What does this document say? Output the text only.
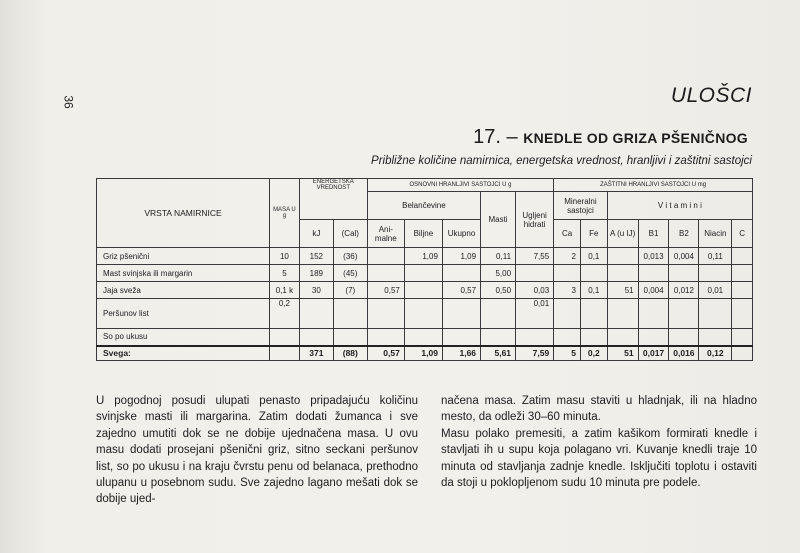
36	ULOŠCI
17. – KNEDLE OD GRIZA PŠENIČNOG
Približne količine namirnica, energetska vrednost, hranljivi i zaštitni sastojci
VRSTA NAMIRNICE	MASA U g	ENERGETSKA VREDNOST		OSNOVNI HRANLJIVI SASTOJCI U g					ZAŠTITNI HRANLJIVI SASTOJCI U mg						
				Belančevine			Masti	Ugljeni hidrati	Mineralni sastojci		V i t a m i n i				
		kJ	(Cal)	Ani-malne	Biljne	Ukupno			Ca	Fe	A (u IJ)	B1	B2	Niacin	C
Griz pšenični	10	152	(36)		1,09	1,09	0,11	7,55	2	0,1		0,013	0,004	0,11	
Mast svinjska ili margarin	5	189	(45)				5,00								
Jaja sveža	0,1 k	30	(7)	0,57		0,57	0,50	0,03	3	0,1	51	0,004	0,012	0,01	
Peršunov list	0,2							0,01							
So po ukusu															
Svega:		371	(88)	0,57	1,09	1,66	5,61	7,59	5	0,2	51	0,017	0,016	0,12	

U pogodnoj posudi ulupati penasto pripadajuću količinu svinjske masti ili margarina. Zatim dodati žumanca i sve zajedno umutiti dok se ne dobije ujednačena masa. U ovu masu dodati prosejani pšenični griz, sitno seckani peršunov list, so po ukusu i na kraju čvrstu penu od belanaca, prethodno ulupanu u posebnom sudu. Sve zajedno lagano mešati dok se dobije ujed-

načena masa. Zatim masu staviti u hladnjak, ili na hladno mesto, da odleži 30–60 minuta.

Masu polako premesiti, a zatim kašikom formirati knedle i stavljati ih u supu koja polagano vri. Kuvanje knedli traje 10 minuta od stavljanja zadnje knedle. Isključiti toplotu i ostaviti da stoji u poklopljenom sudu 10 minuta pre podele.
